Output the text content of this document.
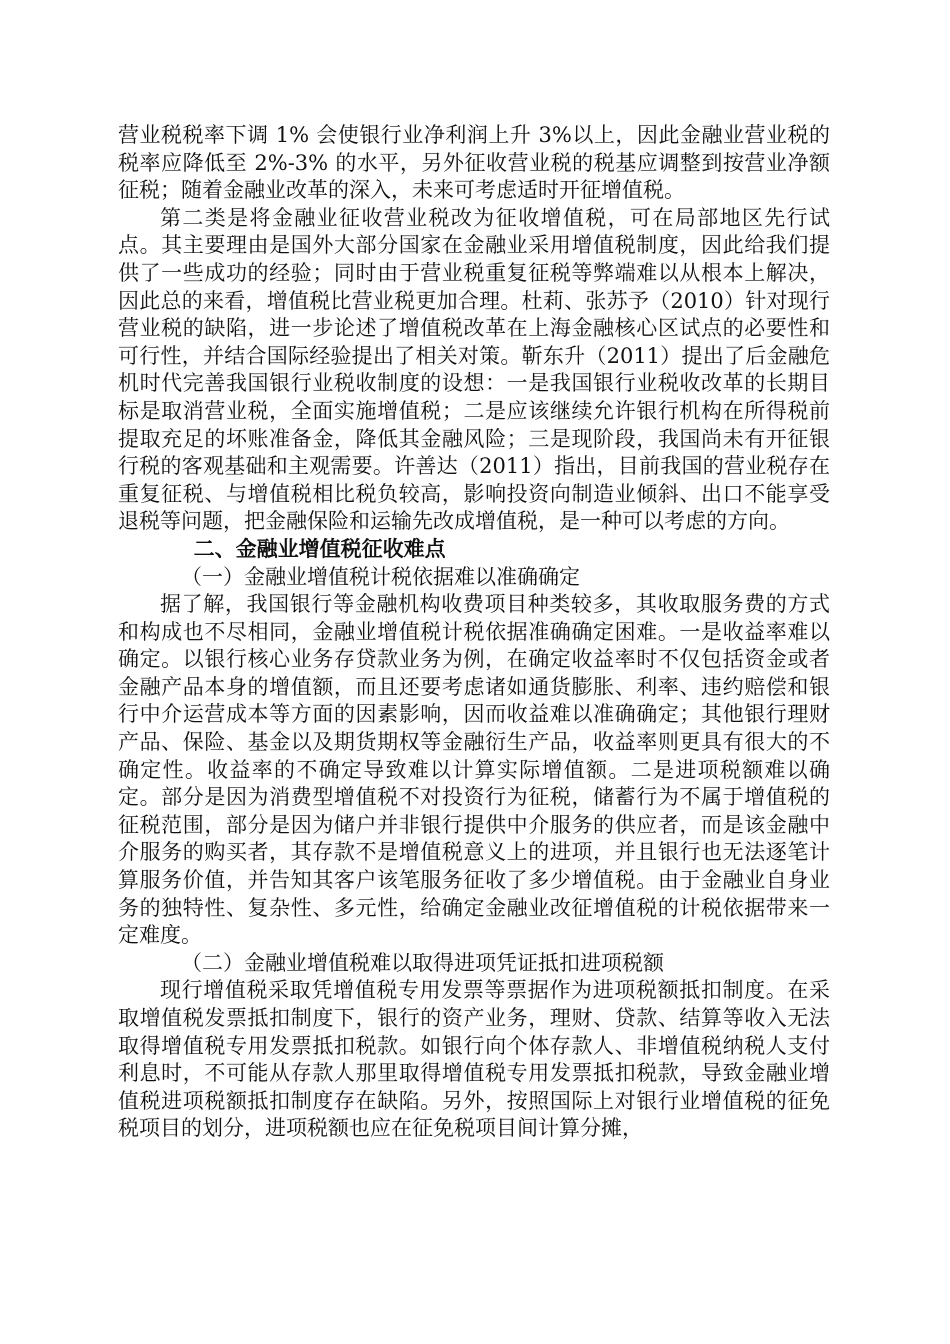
营业税税率下调 1% 会使银行业净利润上升 3%以上，因此金融业营业税的税率应降低至 2%-3% 的水平，另外征收营业税的税基应调整到按营业净额征税；随着金融业改革的深入，未来可考虑适时开征增值税。

第二类是将金融业征收营业税改为征收增值税，可在局部地区先行试点。其主要理由是国外大部分国家在金融业采用增值税制度，因此给我们提供了一些成功的经验；同时由于营业税重复征税等弊端难以从根本上解决，因此总的来看，增值税比营业税更加合理。杜莉、张苏予（2010）针对现行营业税的缺陷，进一步论述了增值税改革在上海金融核心区试点的必要性和可行性，并结合国际经验提出了相关对策。靳东升（2011）提出了后金融危机时代完善我国银行业税收制度的设想：一是我国银行业税收改革的长期目标是取消营业税，全面实施增值税；二是应该继续允许银行机构在所得税前提取充足的坏账准备金，降低其金融风险；三是现阶段，我国尚未有开征银行税的客观基础和主观需要。许善达（2011）指出，目前我国的营业税存在重复征税、与增值税相比税负较高，影响投资向制造业倾斜、出口不能享受退税等问题，把金融保险和运输先改成增值税，是一种可以考虑的方向。

二、金融业增值税征收难点

（一）金融业增值税计税依据难以准确确定

据了解，我国银行等金融机构收费项目种类较多，其收取服务费的方式和构成也不尽相同，金融业增值税计税依据准确确定困难。一是收益率难以确定。以银行核心业务存贷款业务为例，在确定收益率时不仅包括资金或者金融产品本身的增值额，而且还要考虑诸如通货膨胀、利率、违约赔偿和银行中介运营成本等方面的因素影响，因而收益难以准确确定；其他银行理财产品、保险、基金以及期货期权等金融衍生产品，收益率则更具有很大的不确定性。收益率的不确定导致难以计算实际增值额。二是进项税额难以确定。部分是因为消费型增值税不对投资行为征税，储蓄行为不属于增值税的征税范围，部分是因为储户并非银行提供中介服务的供应者，而是该金融中介服务的购买者，其存款不是增值税意义上的进项，并且银行也无法逐笔计算服务价值，并告知其客户该笔服务征收了多少增值税。由于金融业自身业务的独特性、复杂性、多元性，给确定金融业改征增值税的计税依据带来一定难度。

（二）金融业增值税难以取得进项凭证抵扣进项税额

现行增值税采取凭增值税专用发票等票据作为进项税额抵扣制度。在采取增值税发票抵扣制度下，银行的资产业务，理财、贷款、结算等收入无法取得增值税专用发票抵扣税款。如银行向个体存款人、非增值税纳税人支付利息时，不可能从存款人那里取得增值税专用发票抵扣税款，导致金融业增值税进项税额抵扣制度存在缺陷。另外，按照国际上对银行业增值税的征免税项目的划分，进项税额也应在征免税项目间计算分摊，
